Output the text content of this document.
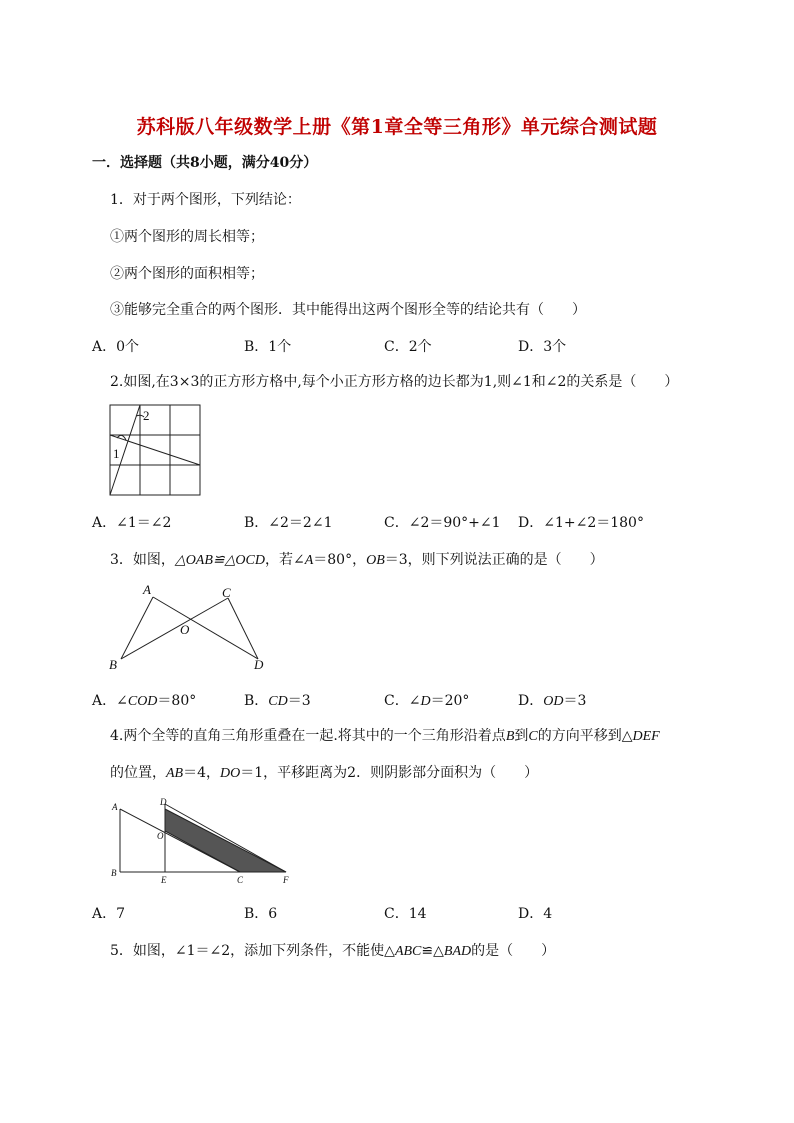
苏科版八年级数学上册《第1章全等三角形》单元综合测试题
一．选择题（共8小题，满分40分）
1．对于两个图形，下列结论：
①两个图形的周长相等；
②两个图形的面积相等；
③能够完全重合的两个图形．其中能得出这两个图形全等的结论共有（　　）
A．0个	B．1个	C．2个	D．3个
2.如图,在3×3的正方形方格中,每个小正方形方格的边长都为1,则∠1和∠2的关系是（　　）
1
2
A．∠1＝∠2	B．∠2＝2∠1	C．∠2＝90°+∠1 D．∠1+∠2＝180°
3．如图，△OAB≌△OCD，若∠A＝80°，OB＝3，则下列说法正确的是（　　）
A	C
O
B	D
A．∠COD＝80°	B．CD＝3	C．∠D＝20°	D．OD＝3
4.两个全等的直角三角形重叠在一起.将其中的一个三角形沿着点B到C的方向平移到△DEF
的位置，AB＝4，DO＝1，平移距离为2．则阴影部分面积为（　　）
A	D
O
B
E	C	F
A．7	B．6	C．14	D．4
5．如图，∠1＝∠2，添加下列条件，不能使△ABC≌△BAD的是（　　）
